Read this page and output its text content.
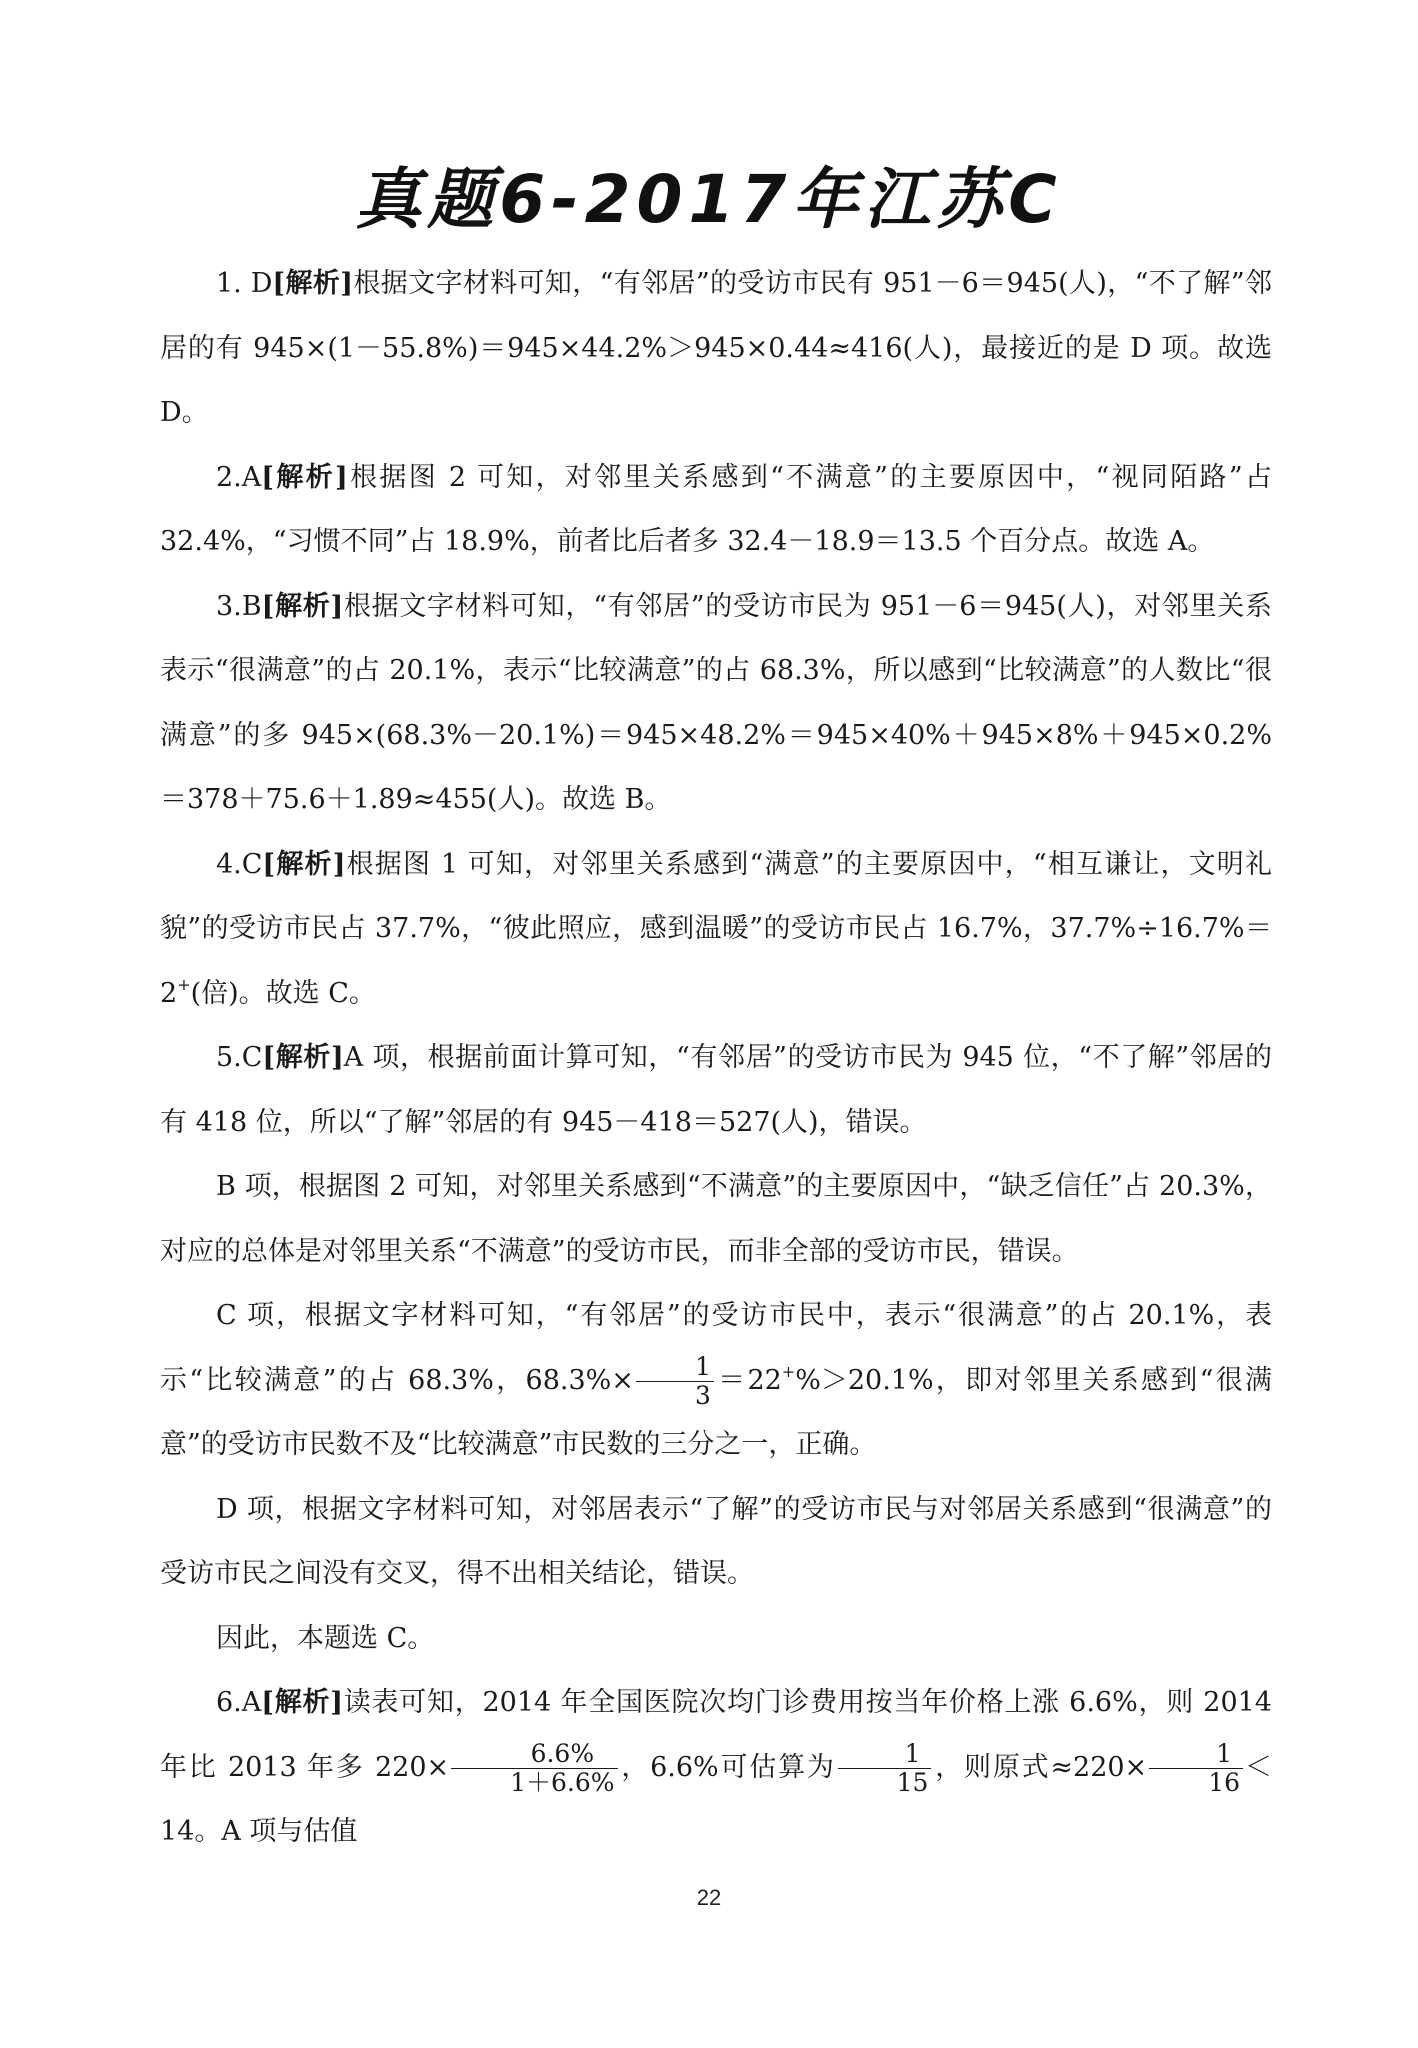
真题6-2017年江苏C

1. D[解析]根据文字材料可知，“有邻居”的受访市民有 951－6＝945(人)，“不了解”邻居的有 945×(1－55.8%)＝945×44.2%＞945×0.44≈416(人)，最接近的是 D 项。故选 D。

2.A[解析]根据图 2 可知，对邻里关系感到“不满意”的主要原因中，“视同陌路”占 32.4%，“习惯不同”占 18.9%，前者比后者多 32.4－18.9＝13.5 个百分点。故选 A。

3.B[解析]根据文字材料可知，“有邻居”的受访市民为 951－6＝945(人)，对邻里关系表示“很满意”的占 20.1%，表示“比较满意”的占 68.3%，所以感到“比较满意”的人数比“很满意”的多 945×(68.3%－20.1%)＝945×48.2%＝945×40%＋945×8%＋945×0.2%＝378＋75.6＋1.89≈455(人)。故选 B。

4.C[解析]根据图 1 可知，对邻里关系感到“满意”的主要原因中，“相互谦让，文明礼貌”的受访市民占 37.7%，“彼此照应，感到温暖”的受访市民占 16.7%，37.7%÷16.7%＝2+(倍)。故选 C。

5.C[解析]A 项，根据前面计算可知，“有邻居”的受访市民为 945 位，“不了解”邻居的有 418 位，所以“了解”邻居的有 945－418＝527(人)，错误。

B 项，根据图 2 可知，对邻里关系感到“不满意”的主要原因中，“缺乏信任”占 20.3%，对应的总体是对邻里关系“不满意”的受访市民，而非全部的受访市民，错误。

C 项，根据文字材料可知，“有邻居”的受访市民中，表示“很满意”的占 20.1%，表示“比较满意”的占 68.3%，$68.3\%\times \frac{1}{3} =22^+\%>20.1\%$，即对邻里关系感到“很满意”的受访市民数不及“比较满意”市民数的三分之一，正确。

D 项，根据文字材料可知，对邻居表示“了解”的受访市民与对邻居关系感到“很满意”的受访市民之间没有交叉，得不出相关结论，错误。

因此，本题选 C。

6.A[解析]读表可知，2014 年全国医院次均门诊费用按当年价格上涨 6.6%，则 2014 年比 2013 年多 $220\times \frac{6.6\%}{1+6.6\%}$ ，6.6%可估算为 $\frac{1}{15}$ ，则原式$\approx 220\times \frac{1}{16} <14$。A 项与估值

22
